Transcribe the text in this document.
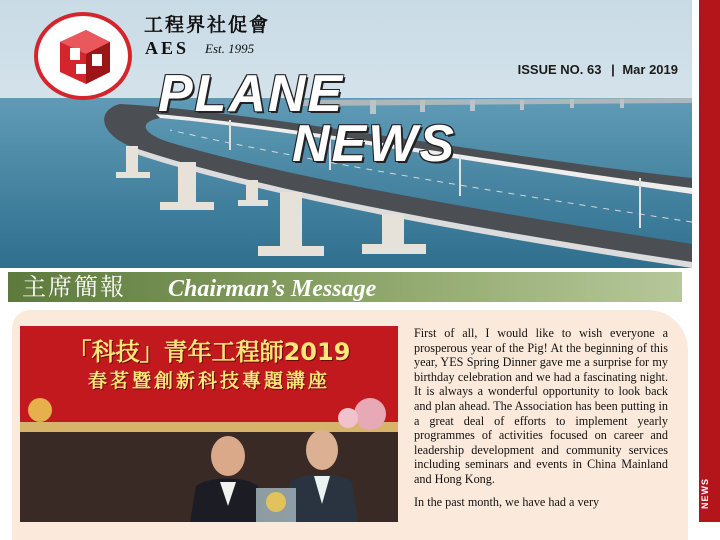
工程界社促會
AES Est. 1995
ISSUE NO. 63 | Mar 2019
PLANE
NEWS
NEWS
主席簡報 Chairman’s Message
「科技」青年工程師2019
春茗暨創新科技專題講座

First of all, I would like to wish everyone a prosperous year of the Pig! At the beginning of this year, YES Spring Dinner gave me a surprise for my birthday celebration and we had a fascinating night. It is always a wonderful opportunity to look back and plan ahead. The Association has been putting in a great deal of efforts to implement yearly programmes of activities focused on career and leadership development and community services including seminars and events in China Mainland and Hong Kong.

In the past month, we have had a very
